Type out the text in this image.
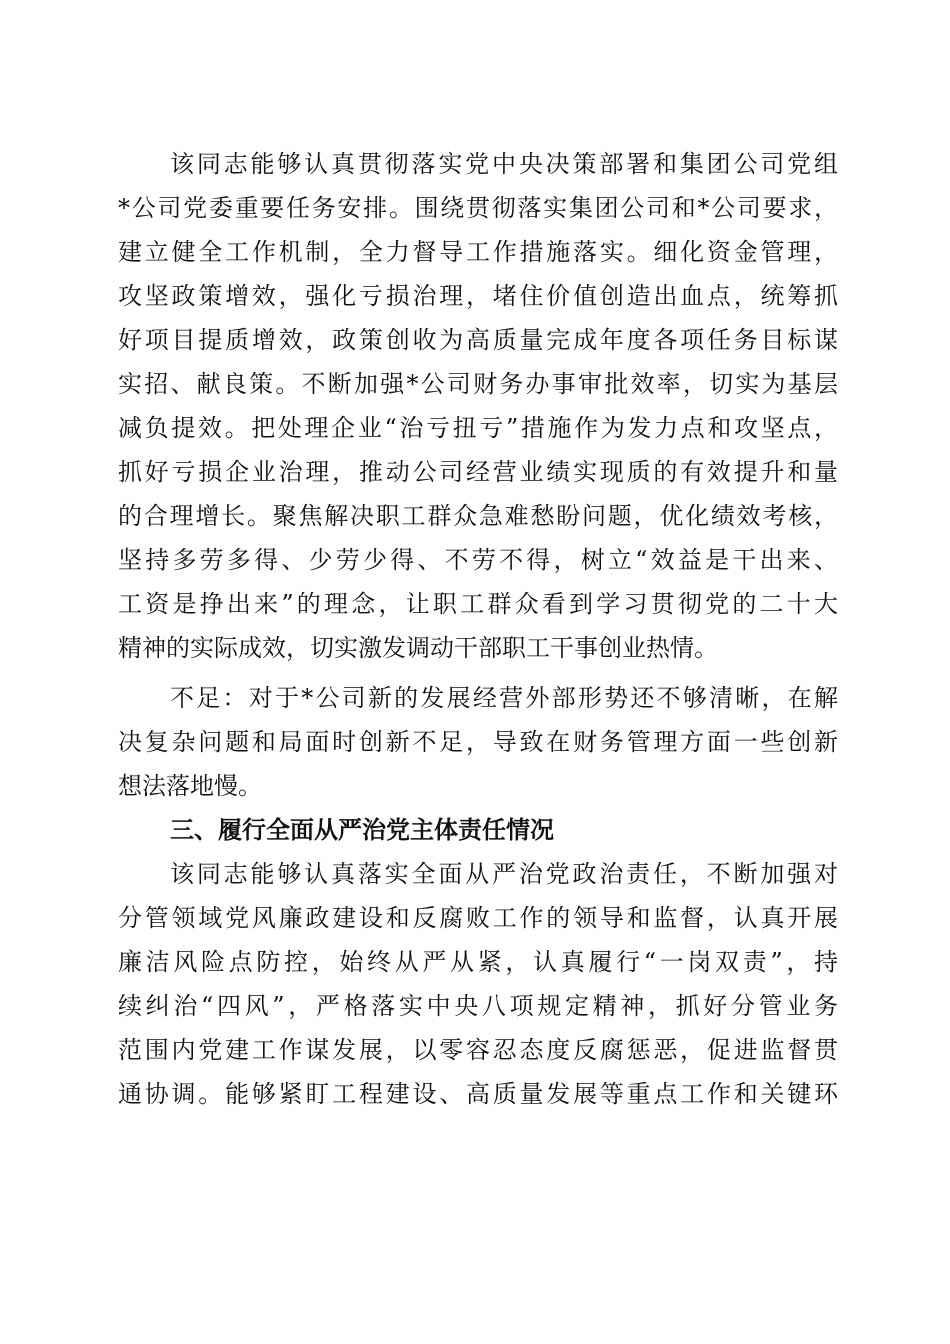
该同志能够认真贯彻落实党中央决策部署和集团公司党组
*公司党委重要任务安排。围绕贯彻落实集团公司和*公司要求，
建立健全工作机制，全力督导工作措施落实。细化资金管理，
攻坚政策增效，强化亏损治理，堵住价值创造出血点，统筹抓
好项目提质增效，政策创收为高质量完成年度各项任务目标谋
实招、献良策。不断加强*公司财务办事审批效率，切实为基层
减负提效。把处理企业“治亏扭亏”措施作为发力点和攻坚点，
抓好亏损企业治理，推动公司经营业绩实现质的有效提升和量
的合理增长。聚焦解决职工群众急难愁盼问题，优化绩效考核，
坚持多劳多得、少劳少得、不劳不得，树立“效益是干出来、
工资是挣出来”的理念，让职工群众看到学习贯彻党的二十大
精神的实际成效，切实激发调动干部职工干事创业热情。
不足：对于*公司新的发展经营外部形势还不够清晰，在解
决复杂问题和局面时创新不足，导致在财务管理方面一些创新
想法落地慢。
三、履行全面从严治党主体责任情况
该同志能够认真落实全面从严治党政治责任，不断加强对
分管领域党风廉政建设和反腐败工作的领导和监督，认真开展
廉洁风险点防控，始终从严从紧，认真履行“一岗双责”，持
续纠治“四风”，严格落实中央八项规定精神，抓好分管业务
范围内党建工作谋发展，以零容忍态度反腐惩恶，促进监督贯
通协调。能够紧盯工程建设、高质量发展等重点工作和关键环
